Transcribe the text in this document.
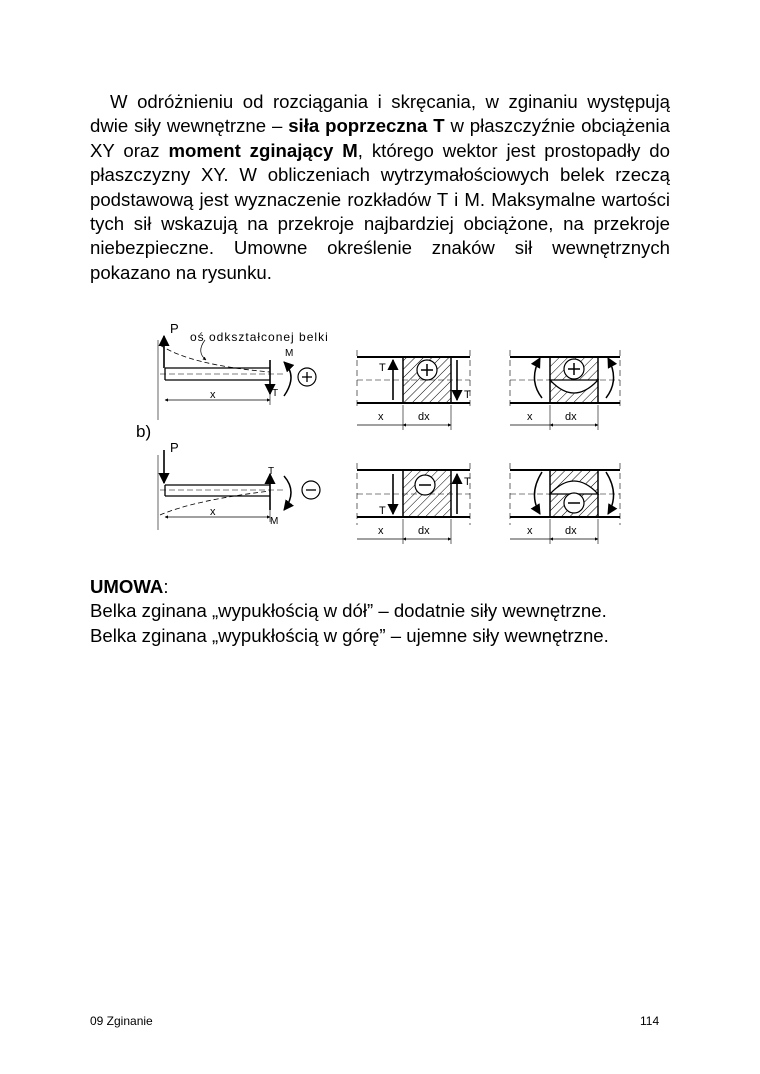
W odróżnieniu od rozciągania i skręcania, w zginaniu występują dwie siły wewnętrzne – siła poprzeczna T w płaszczyźnie obciążenia XY oraz moment zginający M, którego wektor jest prostopadły do płaszczyzny XY. W obliczeniach wytrzymałościowych belek rzeczą podstawową jest wyznaczenie rozkładów T i M. Maksymalne wartości tych sił wskazują na przekroje najbardziej obciążone, na przekroje niebezpieczne. Umowne określenie znaków sił wewnętrznych pokazano na rysunku.

P
oś odkształconej belki
M
T
x
T
T
x	dx	x	dx
b)
P
T
M
x	T
T
x	dx	x	dx
UMOWA:
Belka zginana „wypukłością w dół” – dodatnie siły wewnętrzne.
Belka zginana „wypukłością w górę” – ujemne siły wewnętrzne.
09 Zginanie	114
